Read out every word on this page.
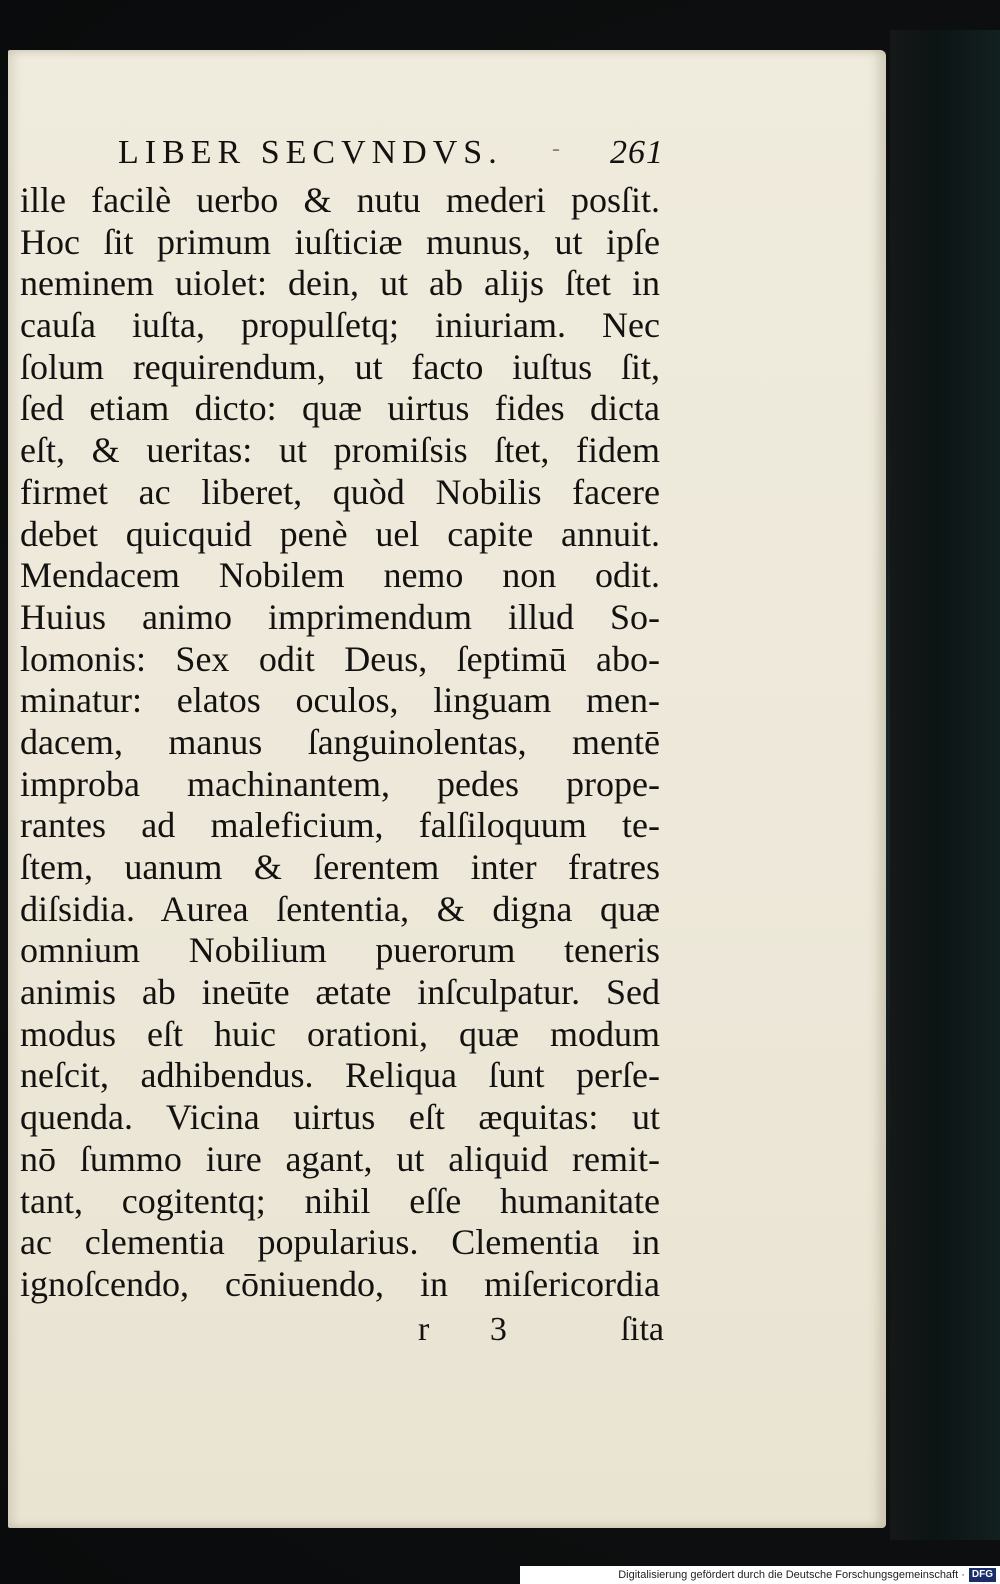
LIBER SECVNDVS. - 261
ille facilè uerbo & nutu mederi posſit.
Hoc ſit primum iuſticiæ munus, ut ipſe
neminem uiolet: dein, ut ab alijs ſtet in
cauſa iuſta, propulſetq; iniuriam. Nec
ſolum requirendum, ut facto iuſtus ſit,
ſed etiam dicto: quæ uirtus fides dicta
eſt, & ueritas: ut promiſsis ſtet, fidem
firmet ac liberet, quòd Nobilis facere
debet quicquid penè uel capite annuit.
Mendacem Nobilem nemo non odit.
Huius animo imprimendum illud So-
lomonis: Sex odit Deus, ſeptimū abo-
minatur: elatos oculos, linguam men-
dacem, manus ſanguinolentas, mentē
improba machinantem, pedes prope-
rantes ad maleficium, falſiloquum te-
ſtem, uanum & ſerentem inter fratres
diſsidia. Aurea ſententia, & digna quæ
omnium Nobilium puerorum teneris
animis ab ineūte ætate inſculpatur. Sed
modus eſt huic orationi, quæ modum
neſcit, adhibendus. Reliqua ſunt perſe-
quenda. Vicina uirtus eſt æquitas: ut
nō ſummo iure agant, ut aliquid remit-
tant, cogitentq; nihil eſſe humanitate
ac clementia popularius. Clementia in
ignoſcendo, cōniuendo, in miſericordia
r 3	ſita
Digitalisierung gefördert durch die Deutsche Forschungsgemeinschaft · DFG
